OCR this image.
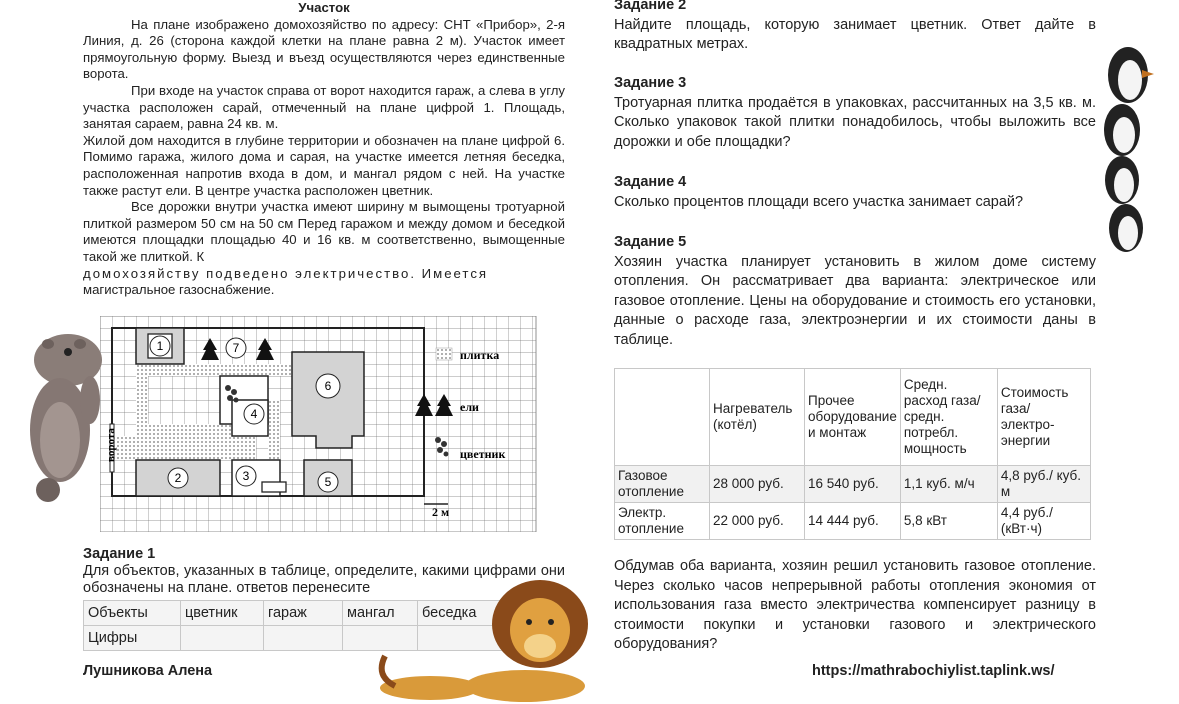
Участок

На плане изображено домохозяйство по адресу: СНТ «Прибор», 2-я Линия, д. 26 (сторона каждой клетки на плане равна 2 м). Участок имеет прямоугольную форму. Выезд и въезд осуществляются через единственные ворота.

При входе на участок справа от ворот находится гараж, а слева в углу участка расположен сарай, отмеченный на плане цифрой 1. Площадь, занятая сараем, равна 24 кв. м.

Жилой дом находится в глубине территории и обозначен на плане цифрой 6. Помимо гаража, жилого дома и сарая, на участке имеется летняя беседка, расположенная напротив входа в дом, и мангал рядом с ней. На участке также растут ели. В центре участка расположен цветник.

Все дорожки внутри участка имеют ширину м вымощены тротуарной плиткой размером 50 см на 50 см Перед гаражом и между домом и беседкой имеются площадки площадью 40 и 16 кв. м соответственно, вымощенные такой же плиткой. К

домохозяйству подведено электричество. Имеется

магистральное газоснабжение.

ворота
1
2	3
4
5
6
7	плитка
ели
цветник
2 м
Задание 1
Для объектов, указанных в таблице, определите, какими цифрами они обозначены на плане. ответов перенесите
Объекты	цветник	гараж	мангал	беседка
Цифры				

Задание 2

Найдите площадь, которую занимает цветник. Ответ дайте в квадратных метрах.

Задание 3

Тротуарная плитка продаётся в упаковках, рассчитанных на 3,5 кв. м. Сколько упаковок такой плитки понадобилось, чтобы выложить все дорожки и обе площадки?

Задание 4

Сколько процентов площади всего участка занимает сарай?

Задание 5

Хозяин участка планирует установить в жилом доме систему отопления. Он рассматривает два варианта: электрическое или газовое отопление. Цены на оборудование и стоимость его установки, данные о расходе газа, электроэнергии и их стоимости даны в таблице.

	Нагреватель (котёл)	Прочее оборудование и монтаж	Средн. расход газа/ средн. потребл. мощность	Стоимость газа/ электро-энергии
Газовое отопление	28 000 руб.	16 540 руб.	1,1 куб. м/ч	4,8 руб./ куб. м
Электр. отопление	22 000 руб.	14 444 руб.	5,8 кВт	4,4 руб./ (кВт·ч)
Обдумав оба варианта, хозяин решил установить газовое отопление. Через сколько часов непрерывной работы отопления экономия от использования газа вместо электричества компенсирует разницу в стоимости покупки и установки газового и электрического оборудования?
Лушникова Алена	https://mathrabochiylist.taplink.ws/
